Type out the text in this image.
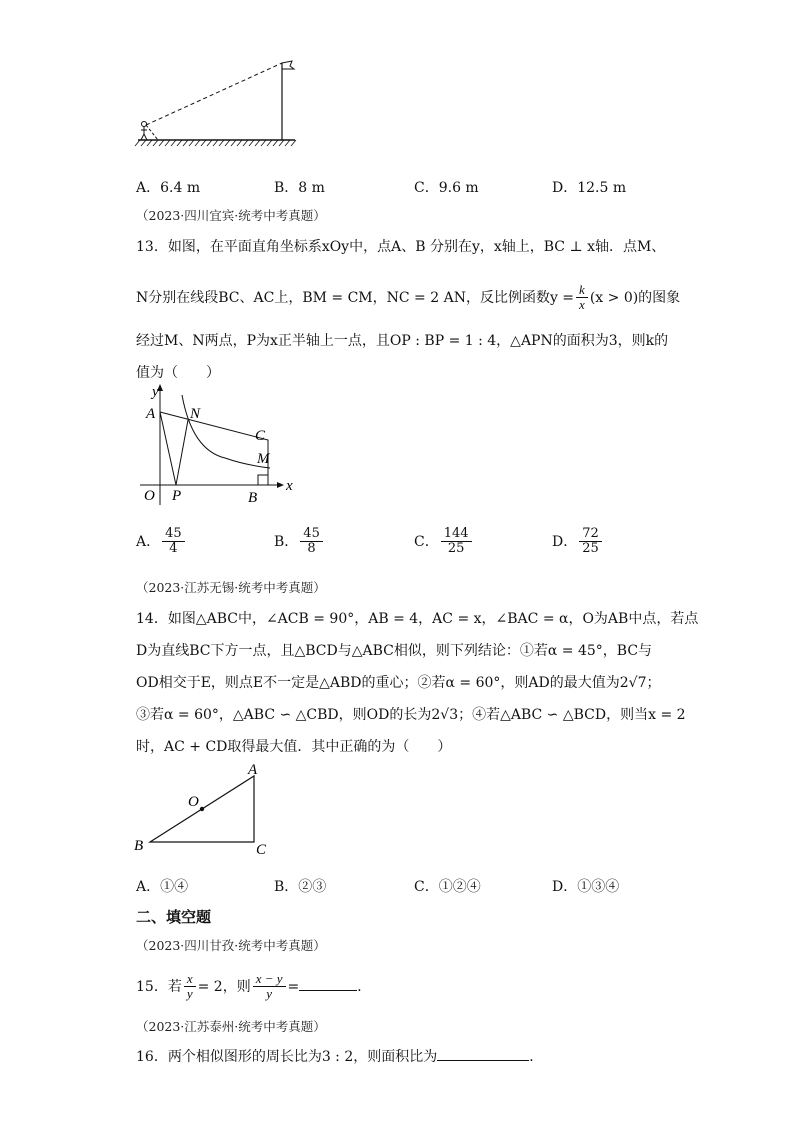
A．6.4 m	B．8 m	C．9.6 m	D．12.5 m
（2023·四川宜宾·统考中考真题）
13．如图，在平面直角坐标系xOy中，点A、B 分别在y，x轴上，BC ⊥ x轴．点M、
N分别在线段BC、AC上，BM = CM，NC = 2 AN，反比例函数$y = \frac{k}{x} (x > 0)$的图象
经过M、N两点，P为x正半轴上一点，且OP : BP = 1 : 4，△APN的面积为3，则k的
值为（　　）
y
x
A N
C
M
O P	B
A． $\frac{45}{4}$	B． $\frac{45}{8}$	C． $\frac{144}{25}$	D． $\frac{72}{25}$
（2023·江苏无锡·统考中考真题）
14．如图△ABC中，∠ACB = 90°，AB = 4，AC = x，∠BAC = α，O为AB中点，若点
D为直线BC下方一点，且△BCD与△ABC相似，则下列结论：①若α = 45°，BC与
OD相交于E，则点E不一定是△ABD的重心；②若α = 60°，则AD的最大值为2√7；
③若α = 60°，△ABC ∽ △CBD，则OD的长为2√3；④若△ABC ∽ △BCD，则当x = 2
时，AC + CD取得最大值．其中正确的为（　　）
A
O
B	C
A．①④	B．②③	C．①②④	D．①③④
二、填空题
（2023·四川甘孜·统考中考真题）
15．若 $\frac{x}{y} = 2$，则 $\frac{x - y}{y}$ =	．
（2023·江苏泰州·统考中考真题）
16．两个相似图形的周长比为3 : 2，则面积比为	．
